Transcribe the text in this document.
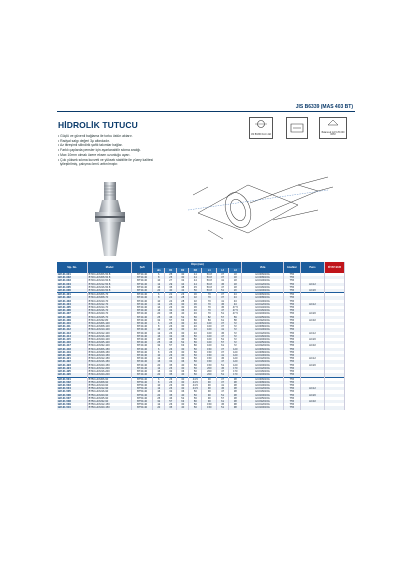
JIS B6339 (MAS 403 BT)
HİDROLİK TUTUCU
• Güçlü ve güvenli bağlama ile torku üstün aktarır.
• Radyal salgı değeri 3μ altındadır.
• Az titreşimli silindirik şaftlı takımlar bağlar.
• Farklı çaplarda pensler için ayarlanabilir sıkma aralığı.
• Max 10mm olmak üzere eksen uzunluğu ayarı.
• Çok yüksek sıkma kuvveti ve yüksek stabilite ile yüzey kalitesi
iyileştirilmiş, çalışma ömrü arttırılmıştır.
JIS B6339 Form AD
Balanced G2.5 25.000 RPM
Sip. No.	Model	Şaft	Ölçü (mm)							Vida	Anahtar	Pens	FİYAT EUR
			dm	D1	D2	D3	L1	L2	L3				
122-01-001	BT30-HCM06-50.8	BT30-40	6	25	30	44	50.8	37	18	HC006016G	T55		
122-01-002	BT30-HCM08-50.8	BT30-40	8	25	30	44	50.8	37	18	HC008016G	T55		
122-01-003	BT30-HCM10-50.8	BT30-40	10	27	32	44	50.8	41	18	HC010016G	T55		
122-01-004	BT30-HCM12-50.8	BT30-40	12	29	34	44	50.8	45	18	HC012016G	T55	HC12	
122-01-005	BT30-HCM16-50.8	BT30-40	16	35	38	45	50.8	47	18	HC016016G	T55		
122-01-006	BT30-HCM20-50.8	BT30-40	20	40	42	50	50.8	51	20	HC020016G	T55	HC20	
122-01-401	BT40-HCM06-70	BT40-40	6	22	26	30	70	37	43	HC006016G	T55		
122-01-402	BT40-HCM08-70	BT40-40	8	24	28	32	70	37	43	HC008016G	T55		
122-01-403	BT40-HCM10-70	BT40-40	10	24	28	32	70	41	43	HC010016G	T55		
122-01-404	BT40-HCM12-70	BT40-40	12	26	30	36	70	45	43	HC012016G	T55	HC12	
122-01-405	BT40-HCM14-70	BT40-40	14	26	30	36	70	45	47.5	HC014016G	T55		
122-01-406	BT40-HCM16-70	BT40-40	16	32	36	40	70	47	47.5	HC016016G	T55		
122-01-407	BT40-HCM20-70	BT40-40	20	35	40	46	70	51	47.5	HC020016G	T55	HC20	
122-01-408	BT40-HCM25-70	BT40-40	25	46	52	56	82	57	59	HC025016G	T55		
122-01-409	BT40-HCM32-80	BT40-40	32	57	63	80	83	61	58	HC032016G	T55	HC32	
122-01-410	BT40-HCM06-100	BT40-40	6	26	30	40	100	37	72	HC006016G	T55		
122-01-411	BT40-HCM08-100	BT40-40	8	26	30	40	100	37	72	HC008016G	T55		
122-01-412	BT40-HCM10-100	BT40-40	10	26	30	40	100	41	72	HC010016G	T55		
122-01-413	BT40-HCM12-100	BT40-40	12	26	30	40	100	45	72	HC012016G	T55	HC12	
122-01-414	BT40-HCM16-100	BT40-40	16	32	36	50	100	47	72	HC016016G	T55		
122-01-415	BT40-HCM20-100	BT40-40	20	35	40	50	100	51	72	HC020016G	T55	HC20	
122-01-416	BT40-HCM25-100	BT40-40	25	46	52	56	100	57	72	HC025016G	T55		
122-01-417	BT40-HCM32-100	BT40-40	32	57	63	80	100	61	72	HC032016G	T55	HC32	
122-01-418	BT40-HCM06-150	BT40-40	6	26	30	50	150	37	120	HC006016G	T55		
122-01-419	BT40-HCM08-150	BT40-40	8	26	30	50	150	37	120	HC008016G	T55		
122-01-420	BT40-HCM10-150	BT40-40	10	26	30	50	150	41	120	HC010016G	T55		
122-01-421	BT40-HCM12-150	BT40-40	12	26	30	50	150	45	120	HC012016G	T55	HC12	
122-01-422	BT40-HCM16-150	BT40-40	16	32	36	50	150	47	120	HC016016G	T55		
122-01-423	BT40-HCM20-150	BT40-40	20	35	40	50	150	51	120	HC020016G	T55	HC20	
122-01-424	BT40-HCM12-200	BT40-40	12	26	30	50	200	45	170	HC012016G	T55		
122-01-425	BT40-HCM16-200	BT40-40	16	32	36	50	200	47	170	HC016016G	T55		
122-01-426	BT40-HCM20-200	BT40-40	20	35	40	50	200	51	170	HC020016G	T55		
122-01-501	BT50-HCM06-90	BT50-40	6	26	30	44.5	90	37	38	HC006016G	T55		
122-01-502	BT50-HCM08-90	BT50-40	8	26	30	44.5	90	37	38	HC008016G	T55		
122-01-503	BT50-HCM10-90	BT50-40	10	26	30	44.5	90	41	38	HC010016G	T55		
122-01-504	BT50-HCM12-90	BT50-40	12	26	30	44.5	90	45	38	HC012016G	T55	HC12	
122-01-505	BT50-HCM16-90	BT50-40	16	32	36	50	90	47	38	HC016016G	T55		
122-01-506	BT50-HCM20-90	BT50-40	20	35	40	50	90	51	38	HC020016G	T55	HC20	
122-01-507	BT50-HCM25-90	BT50-40	25	46	52	56	90	57	38	HC025016G	T55		
122-01-508	BT50-HCM32-90	BT50-40	32	57	63	80	90	61	38	HC032016G	T55	HC32	
122-01-509	BT50-HCM12-150	BT50-40	12	26	30	50	150	45	98	HC012016G	T55		
122-01-510	BT50-HCM20-150	BT50-40	20	35	40	50	150	51	98	HC020016G	T55		
